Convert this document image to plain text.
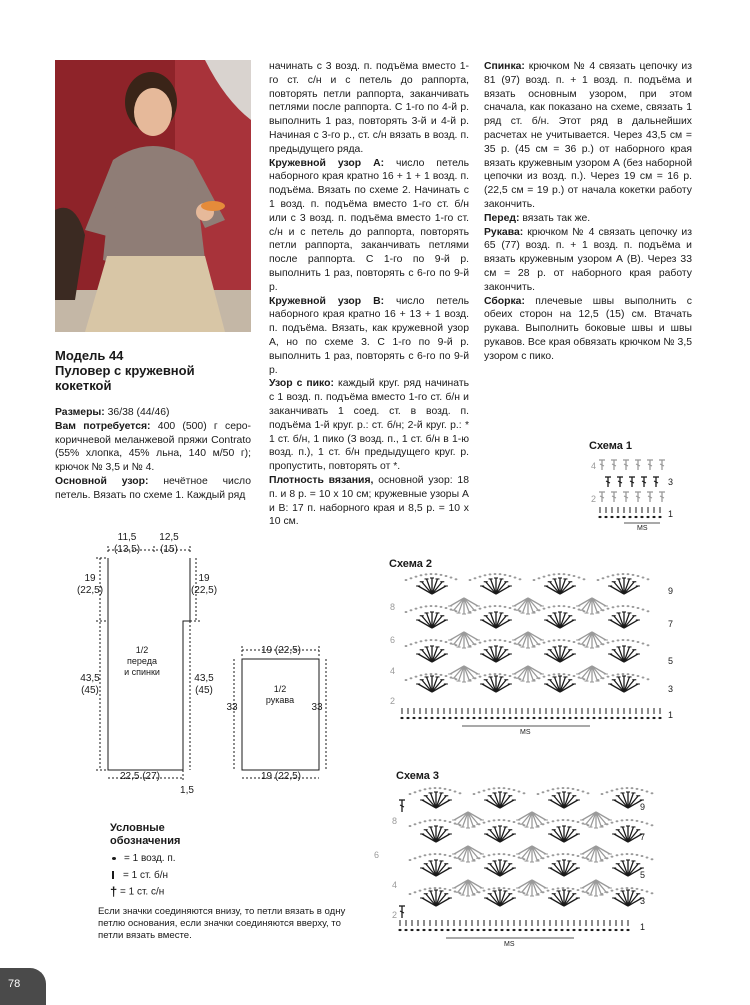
Модель 44
Пуловер с кружевной кокеткой

Размеры: 36/38 (44/46)

Вам потребуется: 400 (500) г серо-коричневой меланжевой пряжи Contrato (55% хлопка, 45% льна, 140 м/50 г); крючок № 3,5 и № 4.

Основной узор: нечётное число петель. Вязать по схеме 1. Каждый ряд

начинать с 3 возд. п. подъёма вместо 1-го ст. с/н и с петель до раппорта, повторять петли раппорта, заканчивать петлями после раппорта. С 1-го по 4-й р. выполнить 1 раз, повторять 3-й и 4-й р. Начиная с 3-го р., ст. с/н вязать в возд. п. предыдущего ряда.

Кружевной узор А: число петель наборного края кратно 16 + 1 + 1 возд. п. подъёма. Вязать по схеме 2. Начинать с 1 возд. п. подъёма вместо 1-го ст. б/н или с 3 возд. п. подъёма вместо 1-го ст. с/н и с петель до раппорта, повторять петли раппорта, заканчивать петлями после раппорта. С 1-го по 9-й р. выполнить 1 раз, повторять с 6-го по 9-й р.

Кружевной узор В: число петель наборного края кратно 16 + 13 + 1 возд. п. подъёма. Вязать, как кружевной узор А, но по схеме 3. С 1-го по 9-й р. выполнить 1 раз, повторять с 6-го по 9-й р.

Узор с пико: каждый круг. ряд начинать с 1 возд. п. подъёма вместо 1-го ст. б/н и заканчивать 1 соед. ст. в возд. п. подъёма 1-й круг. р.: ст. б/н; 2-й круг. р.: * 1 ст. б/н, 1 пико (3 возд. п., 1 ст. б/н в 1-ю возд. п.), 1 ст. б/н предыдущего круг. р. пропустить, повторять от *.

Плотность вязания, основной узор: 18 п. и 8 р. = 10 x 10 см; кружевные узоры А и В: 17 п. наборного края и 8,5 р. = 10 x 10 см.

Спинка: крючком № 4 связать цепочку из 81 (97) возд. п. + 1 возд. п. подъёма и вязать основным узором, при этом сначала, как показано на схеме, связать 1 ряд ст. б/н. Этот ряд в дальнейших расчетах не учитывается. Через 43,5 см = 35 р. (45 см = 36 р.) от наборного края вязать кружевным узором А (без наборной цепочки из возд. п.). Через 19 см = 16 р. (22,5 см = 19 р.) от начала кокетки работу закончить.

Перед: вязать так же.

Рукава: крючком № 4 связать цепочку из 65 (77) возд. п. + 1 возд. п. подъёма и вязать кружевным узором А (В). Через 33 см = 28 р. от наборного края работу закончить.

Сборка: плечевые швы выполнить с обеих сторон на 12,5 (15) см. Втачать рукава. Выполнить боковые швы и швы рукавов. Все края обвязать крючком № 3,5 узором с пико.

11,5
(13,5)
12,5
(15)
19
(22,5)
19
(22,5)
43,5
(45)
43,5
(45)
1/2
переда
и спинки
22,5 (27)
1,5
19 (22,5)
33	33
1/2
рукава
19 (22,5)
Условные
обозначения
= 1 возд. п.
= 1 ст. б/н
† = 1 ст. с/н
Если значки соединяются внизу, то петли вязать в одну петлю основания, если значки соединяются вверху, то петли вязать вместе.
Схема 1
4
3
2
1
MS
Схема 2
9
8
7
6
5
4
3
2
1
MS
Схема 3
9
8
7
6
5
4
3
2
1
MS
78
